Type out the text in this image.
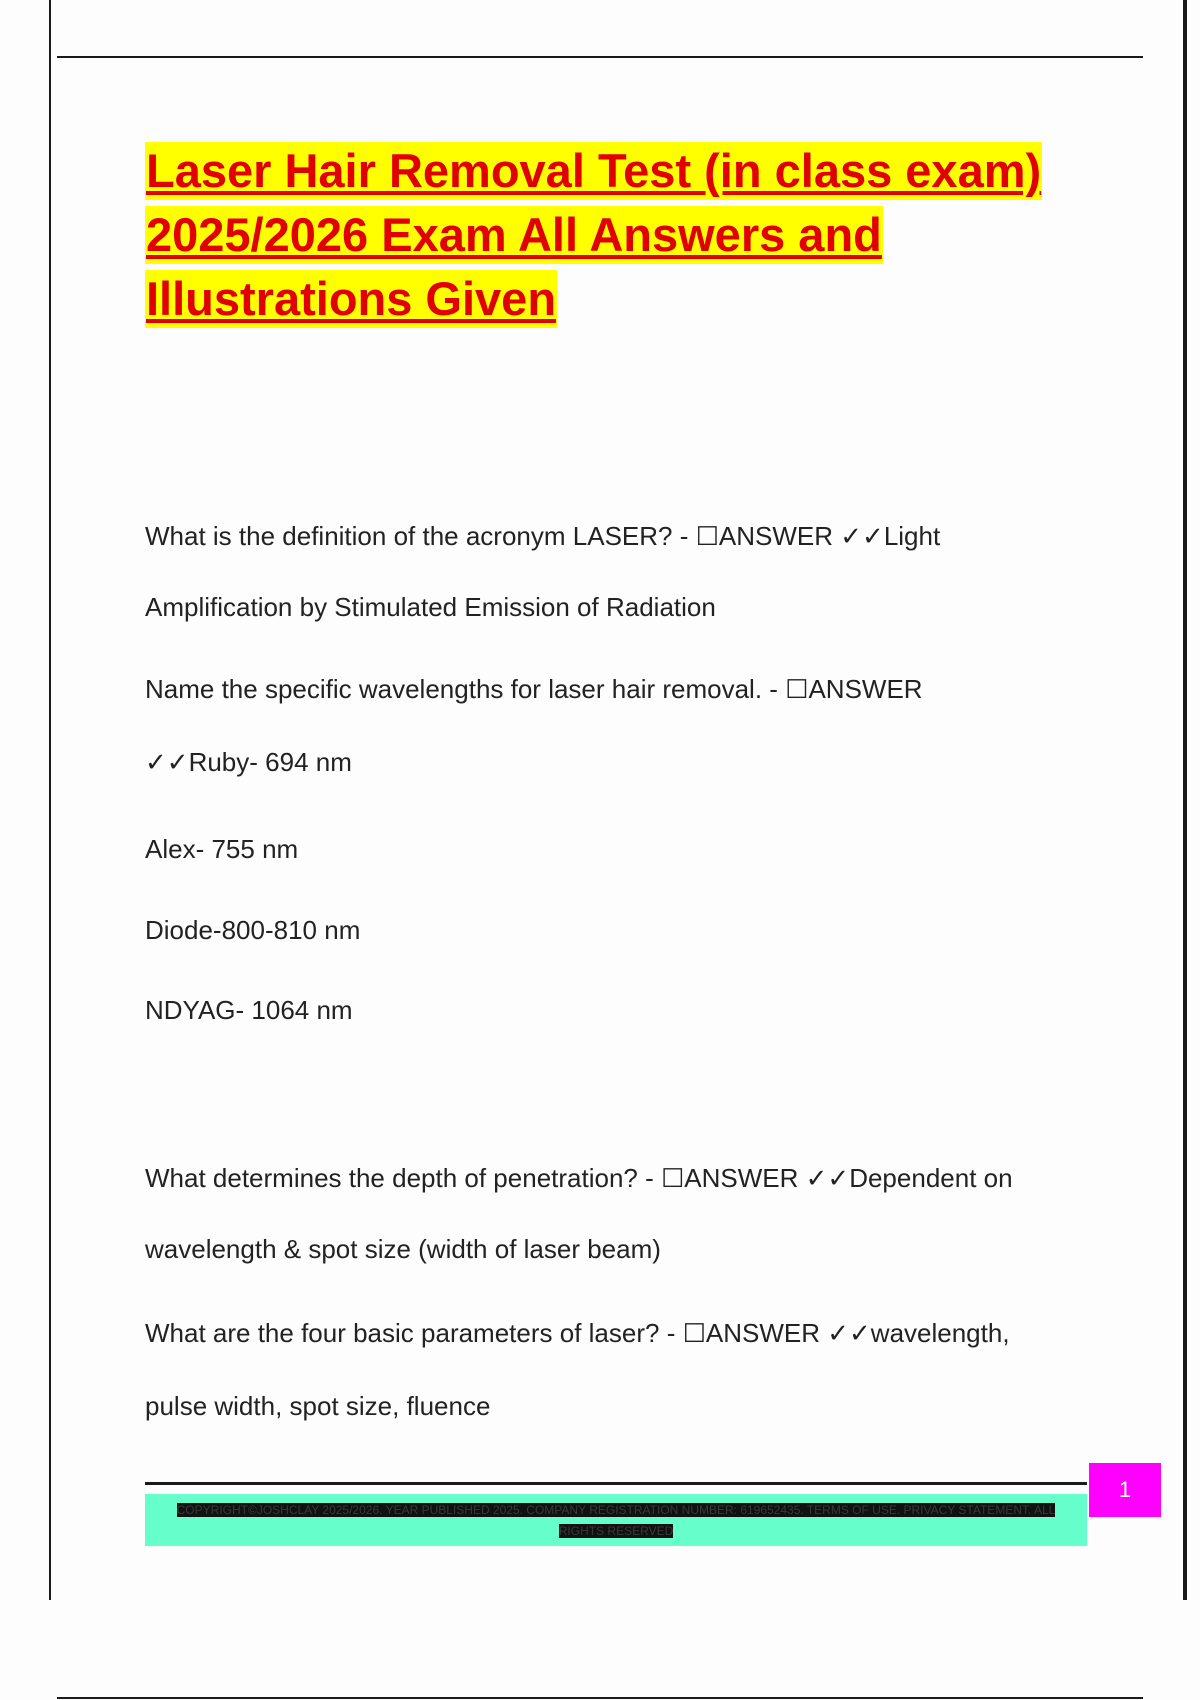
Laser Hair Removal Test (in class exam)
2025/2026 Exam All Answers and
Illustrations Given
What is the definition of the acronym LASER? - ☐ANSWER ✓✓Light
Amplification by Stimulated Emission of Radiation
Name the specific wavelengths for laser hair removal. - ☐ANSWER
✓✓Ruby- 694 nm
Alex- 755 nm
Diode-800-810 nm
NDYAG- 1064 nm
What determines the depth of penetration? - ☐ANSWER ✓✓Dependent on
wavelength & spot size (width of laser beam)
What are the four basic parameters of laser? - ☐ANSWER ✓✓wavelength,
pulse width, spot size, fluence
COPYRIGHT©JOSHCLAY 2025/2026. YEAR PUBLISHED 2025. COMPANY REGISTRATION NUMBER: 619652435. TERMS OF USE. PRIVACY STATEMENT. ALL RIGHTS RESERVED
1
